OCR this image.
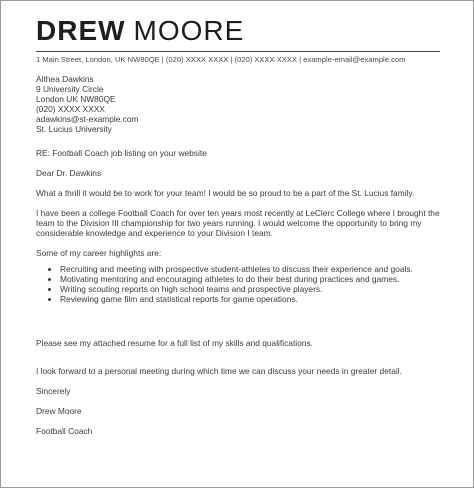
DREW MOORE
1 Main Street, London, UK NW80QE | (020) XXXX XXXX | (020) XXXX XXXX | example-email@example.com
Althea Dawkins
9 University Circle
London UK NW80QE
(020) XXXX XXXX
adawkins@st-example.com
St. Lucius University
RE: Football Coach job listing on your website
Dear Dr. Dawkins
What a thrill it would be to work for your team! I would be so proud to be a part of the St. Lucius family.
I have been a college Football Coach for over ten years most recently at LeClerc College where I brought the team to the Division III championship for two years running. I would welcome the opportunity to bring my considerable knowledge and experience to your Division I team.
Some of my career highlights are:
• Recruiting and meeting with prospective student-athletes to discuss their experience and goals.
• Motivating mentoring and encouraging athletes to do their best during practices and games.
• Writing scouting reports on high school teams and prospective players.
• Reviewing game film and statistical reports for game operations.
Please see my attached resume for a full list of my skills and qualifications.
I look forward to a personal meeting during which time we can discuss your needs in greater detail.
Sincerely
Drew Moore
Football Coach
